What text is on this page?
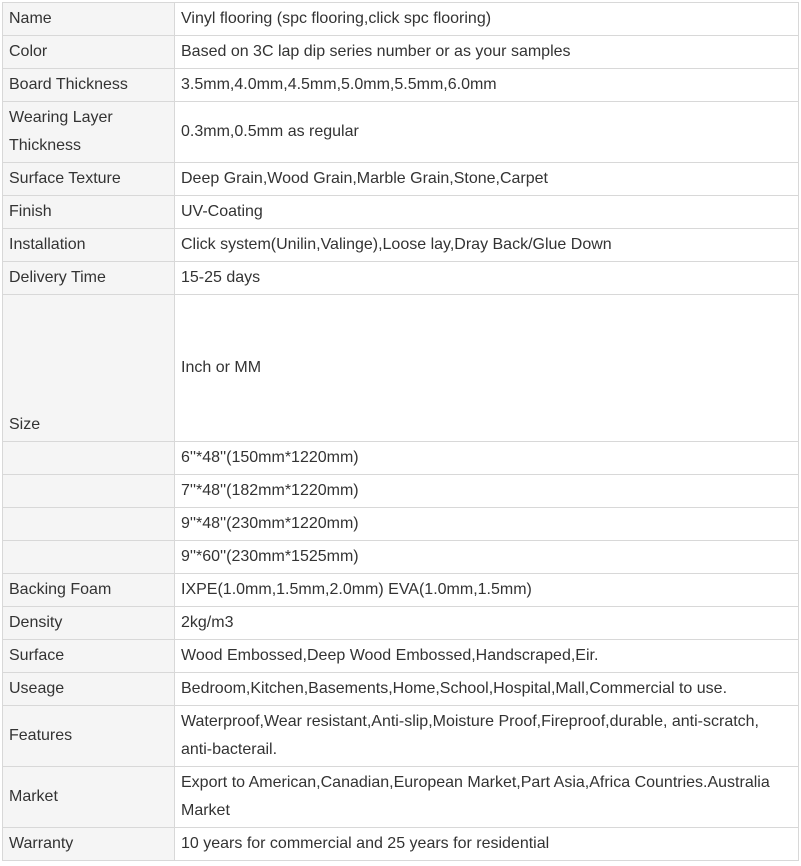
Name	Vinyl flooring (spc flooring,click spc flooring)
Color	Based on 3C lap dip series number or as your samples
Board Thickness	3.5mm,4.0mm,4.5mm,5.0mm,5.5mm,6.0mm
Wearing Layer
Thickness	0.3mm,0.5mm as regular
Surface Texture	Deep Grain,Wood Grain,Marble Grain,Stone,Carpet
Finish	UV-Coating
Installation	Click system(Unilin,Valinge),Loose lay,Dray Back/Glue Down
Delivery Time	15-25 days
Size	Inch or MM
	6''*48''(150mm*1220mm)
	7''*48''(182mm*1220mm)
	9''*48''(230mm*1220mm)
	9''*60''(230mm*1525mm)
Backing Foam	IXPE(1.0mm,1.5mm,2.0mm) EVA(1.0mm,1.5mm)
Density	2kg/m3
Surface	Wood Embossed,Deep Wood Embossed,Handscraped,Eir.
Useage	Bedroom,Kitchen,Basements,Home,School,Hospital,Mall,Commercial to use.
Features	Waterproof,Wear resistant,Anti-slip,Moisture Proof,Fireproof,durable, anti-scratch,
anti-bacterail.
Market	Export to American,Canadian,European Market,Part Asia,Africa Countries.Australia
Market
Warranty	10 years for commercial and 25 years for residential
